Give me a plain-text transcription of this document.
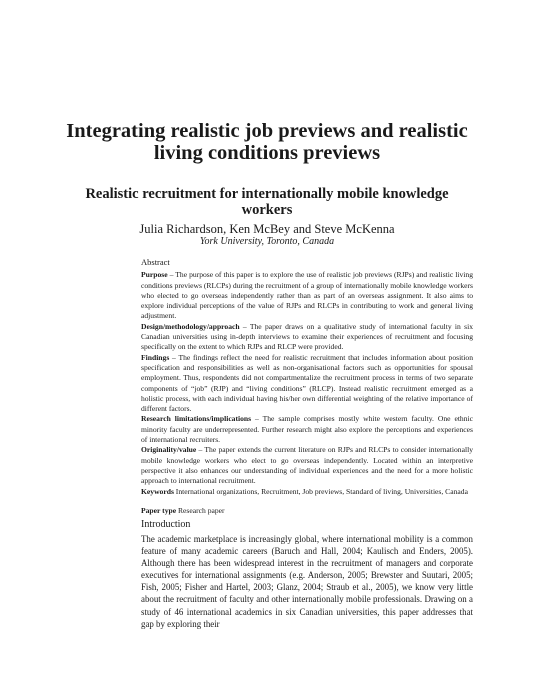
Integrating realistic job previews and realistic living conditions previews
Realistic recruitment for internationally mobile knowledge workers
Julia Richardson, Ken McBey and Steve McKenna
York University, Toronto, Canada

Abstract

Purpose – The purpose of this paper is to explore the use of realistic job previews (RJPs) and realistic living conditions previews (RLCPs) during the recruitment of a group of internationally mobile knowledge workers who elected to go overseas independently rather than as part of an overseas assignment. It also aims to explore individual perceptions of the value of RJPs and RLCPs in contributing to work and general living adjustment.

Design/methodology/approach – The paper draws on a qualitative study of international faculty in six Canadian universities using in-depth interviews to examine their experiences of recruitment and focusing specifically on the extent to which RJPs and RLCP were provided.

Findings – The findings reflect the need for realistic recruitment that includes information about position specification and responsibilities as well as non-organisational factors such as opportunities for spousal employment. Thus, respondents did not compartmentalize the recruitment process in terms of two separate components of “job” (RJP) and “living conditions” (RLCP). Instead realistic recruitment emerged as a holistic process, with each individual having his/her own differential weighting of the relative importance of different factors.

Research limitations/implications – The sample comprises mostly white western faculty. One ethnic minority faculty are underrepresented. Further research might also explore the perceptions and experiences of international recruiters.

Originality/value – The paper extends the current literature on RJPs and RLCPs to consider internationally mobile knowledge workers who elect to go overseas independently. Located within an interpretive perspective it also enhances our understanding of individual experiences and the need for a more holistic approach to international recruitment.

Keywords International organizations, Recruitment, Job previews, Standard of living, Universities, Canada

Paper type Research paper

Introduction

The academic marketplace is increasingly global, where international mobility is a common feature of many academic careers (Baruch and Hall, 2004; Kaulisch and Enders, 2005). Although there has been widespread interest in the recruitment of managers and corporate executives for international assignments (e.g. Anderson, 2005; Brewster and Suutari, 2005; Fish, 2005; Fisher and Hartel, 2003; Glanz, 2004; Straub et al., 2005), we know very little about the recruitment of faculty and other internationally mobile professionals. Drawing on a study of 46 international academics in six Canadian universities, this paper addresses that gap by exploring their
